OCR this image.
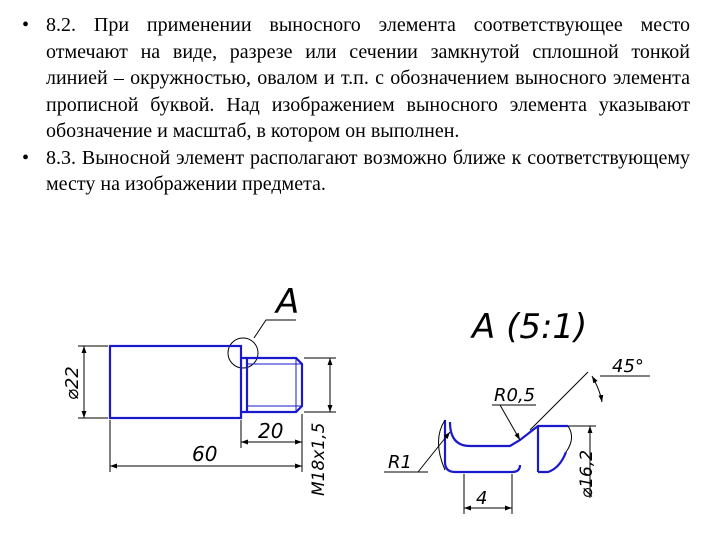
• 8.2. При применении выносного элемента соответствующее место отмечают на виде, разрезе или сечении замкнутой сплошной тонкой линией – окружностью, овалом и т.п. с обозначением выносного элемента прописной буквой. Над изображением выносного элемента указывают обозначение и масштаб, в котором он выполнен.
• 8.3. Выносной элемент располагают возможно ближе к соответствующему месту на изображении предмета.
А
⌀22
60
20 M18x1,5
А (5:1)
45°
R0,5
R1
4
⌀16,2
